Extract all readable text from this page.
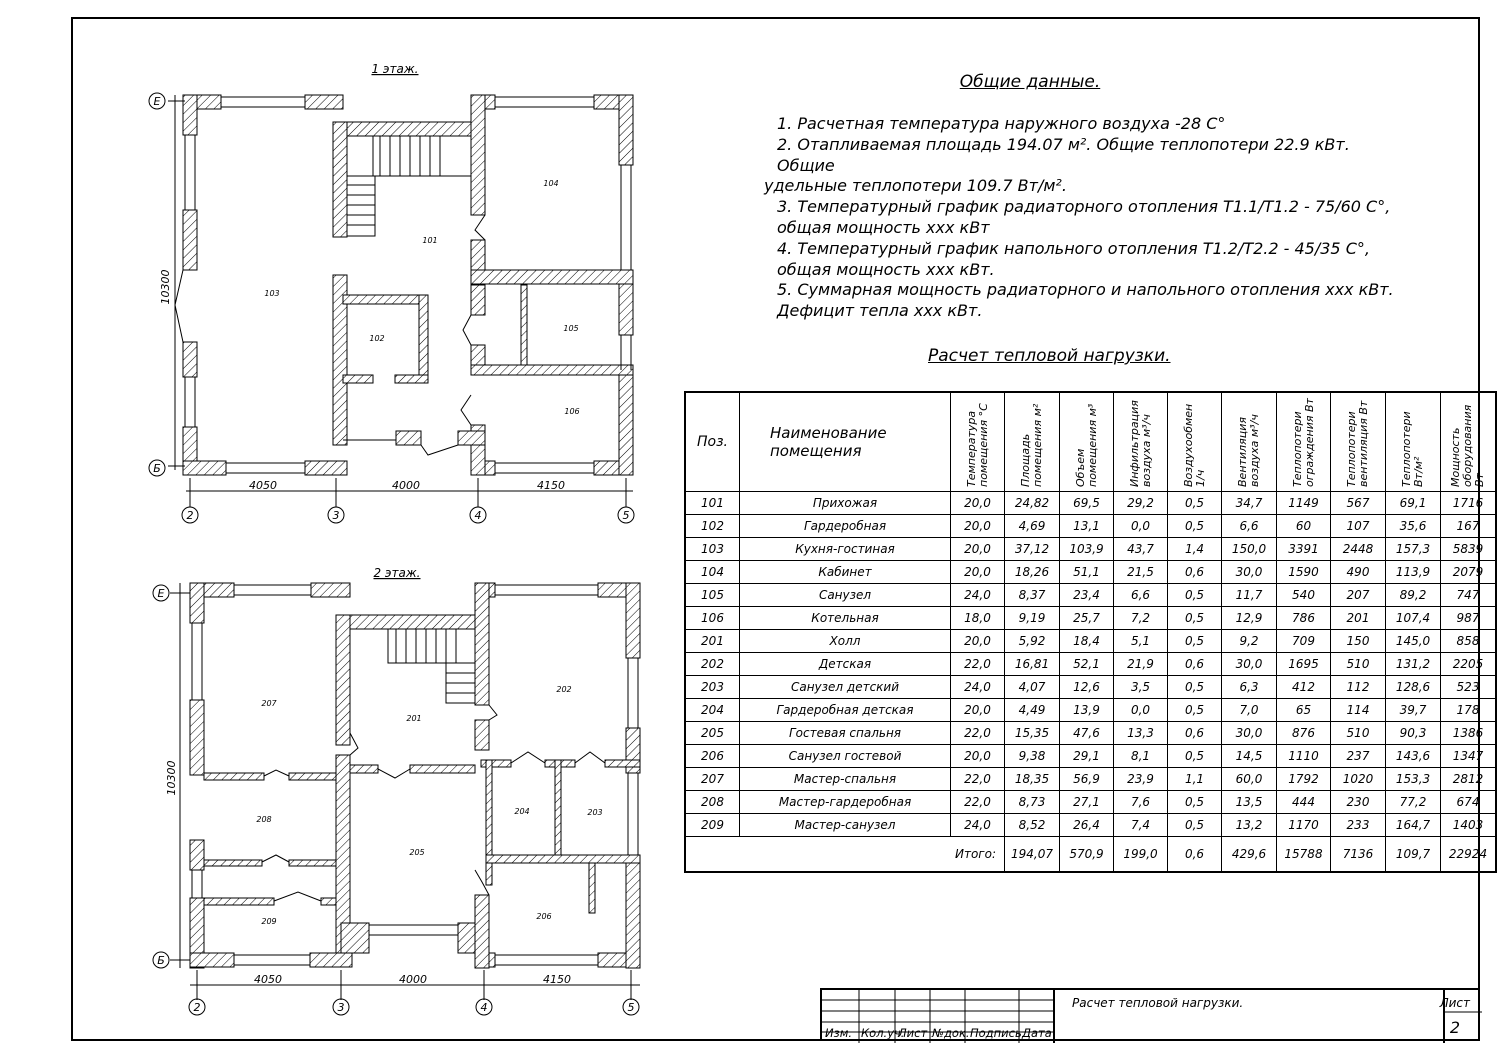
Общие данные.
1. Расчетная температура наружного воздуха -28 С°
2. Отапливаемая площадь 194.07 м². Общие теплопотери 22.9 кВт. Общие
удельные теплопотери 109.7 Вт/м².
3. Температурный график радиаторного отопления Т1.1/Т1.2 - 75/60 С°,
общая мощность ххх кВт
4. Температурный график напольного отопления Т1.2/Т2.2 - 45/35 С°,
общая мощность ххх кВт.
5. Суммарная мощность радиаторного и напольного отопления ххх кВт.
Дефицит тепла ххх кВт.
Расчет тепловой нагрузки.
Поз.	Наименование помещения	Температура помещения °С	Площадь помещения м²	Объем помещения м³	Инфильтрация воздуха м³/ч	Воздухообмен 1/ч	Вентиляция воздуха м³/ч	Теплопотери ограждения Вт	Теплопотери вентиляция Вт	Теплопотери Вт/м²	Мощность оборудования Вт
101	Прихожая	20,0	24,82	69,5	29,2	0,5	34,7	1149	567	69,1	1716
102	Гардеробная	20,0	4,69	13,1	0,0	0,5	6,6	60	107	35,6	167
103	Кухня-гостиная	20,0	37,12	103,9	43,7	1,4	150,0	3391	2448	157,3	5839
104	Кабинет	20,0	18,26	51,1	21,5	0,6	30,0	1590	490	113,9	2079
105	Санузел	24,0	8,37	23,4	6,6	0,5	11,7	540	207	89,2	747
106	Котельная	18,0	9,19	25,7	7,2	0,5	12,9	786	201	107,4	987
201	Холл	20,0	5,92	18,4	5,1	0,5	9,2	709	150	145,0	858
202	Детская	22,0	16,81	52,1	21,9	0,6	30,0	1695	510	131,2	2205
203	Санузел детский	24,0	4,07	12,6	3,5	0,5	6,3	412	112	128,6	523
204	Гардеробная детская	20,0	4,49	13,9	0,0	0,5	7,0	65	114	39,7	178
205	Гостевая спальня	22,0	15,35	47,6	13,3	0,6	30,0	876	510	90,3	1386
206	Санузел гостевой	20,0	9,38	29,1	8,1	0,5	14,5	1110	237	143,6	1347
207	Мастер-спальня	22,0	18,35	56,9	23,9	1,1	60,0	1792	1020	153,3	2812
208	Мастер-гардеробная	22,0	8,73	27,1	7,6	0,5	13,5	444	230	77,2	674
209	Мастер-санузел	24,0	8,52	26,4	7,4	0,5	13,2	1170	233	164,7	1403
Итого:			194,07	570,9	199,0	0,6	429,6	15788	7136	109,7	22924
1 этаж.
101
102
103
104
105
106
4050	4000	4150
10300
2	3	4	5
Е
Б
2 этаж.
201
202
203
204
205
206
207
208
209
4050	4000	4150
10300
2	3	4	5
Е
Б
Расчет тепловой нагрузки.
Изм. Кол.уч.
Лист №док. Подпись Дата
Лист
2
